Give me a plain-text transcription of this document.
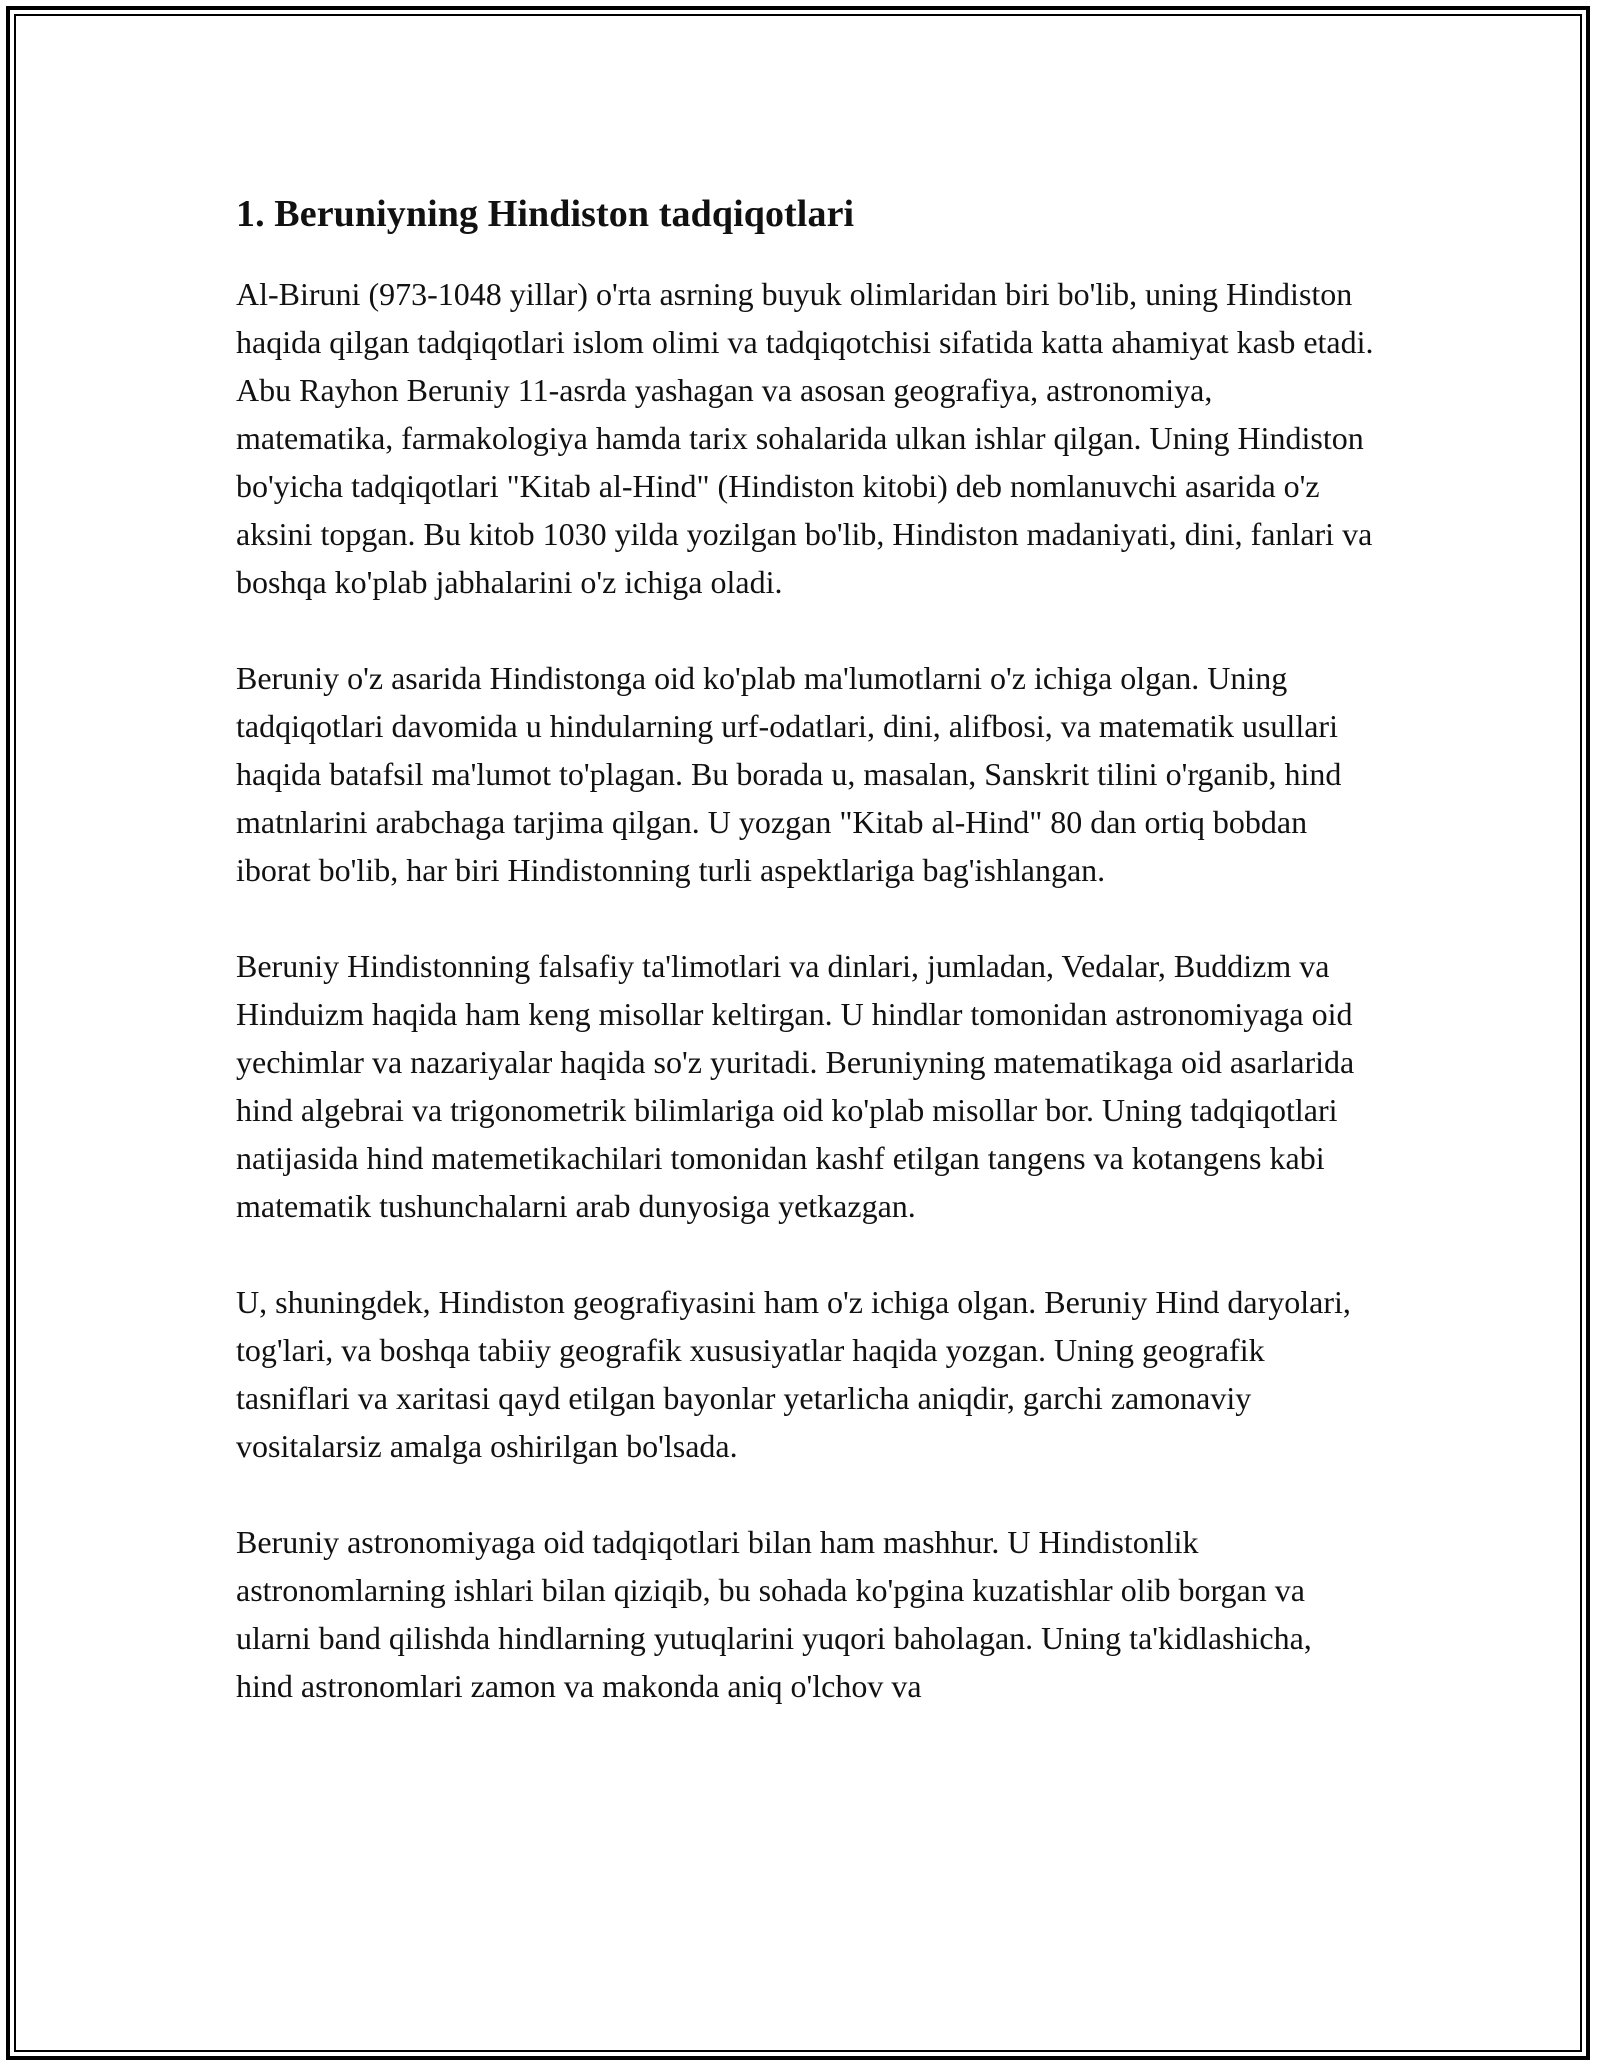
1. Beruniyning Hindiston tadqiqotlari

Al-Biruni (973-1048 yillar) o'rta asrning buyuk olimlaridan biri bo'lib, uning Hindiston haqida qilgan tadqiqotlari islom olimi va tadqiqotchisi sifatida katta ahamiyat kasb etadi. Abu Rayhon Beruniy 11-asrda yashagan va asosan geografiya, astronomiya, matematika, farmakologiya hamda tarix sohalarida ulkan ishlar qilgan. Uning Hindiston bo'yicha tadqiqotlari "Kitab al-Hind" (Hindiston kitobi) deb nomlanuvchi asarida o'z aksini topgan. Bu kitob 1030 yilda yozilgan bo'lib, Hindiston madaniyati, dini, fanlari va boshqa ko'plab jabhalarini o'z ichiga oladi.

Beruniy o'z asarida Hindistonga oid ko'plab ma'lumotlarni o'z ichiga olgan. Uning tadqiqotlari davomida u hindularning urf-odatlari, dini, alifbosi, va matematik usullari haqida batafsil ma'lumot to'plagan. Bu borada u, masalan, Sanskrit tilini o'rganib, hind matnlarini arabchaga tarjima qilgan. U yozgan "Kitab al-Hind" 80 dan ortiq bobdan iborat bo'lib, har biri Hindistonning turli aspektlariga bag'ishlangan.

Beruniy Hindistonning falsafiy ta'limotlari va dinlari, jumladan, Vedalar, Buddizm va Hinduizm haqida ham keng misollar keltirgan. U hindlar tomonidan astronomiyaga oid yechimlar va nazariyalar haqida so'z yuritadi. Beruniyning matematikaga oid asarlarida hind algebrai va trigonometrik bilimlariga oid ko'plab misollar bor. Uning tadqiqotlari natijasida hind matemetikachilari tomonidan kashf etilgan tangens va kotangens kabi matematik tushunchalarni arab dunyosiga yetkazgan.

U, shuningdek, Hindiston geografiyasini ham o'z ichiga olgan. Beruniy Hind daryolari, tog'lari, va boshqa tabiiy geografik xususiyatlar haqida yozgan. Uning geografik tasniflari va xaritasi qayd etilgan bayonlar yetarlicha aniqdir, garchi zamonaviy vositalarsiz amalga oshirilgan bo'lsada.

Beruniy astronomiyaga oid tadqiqotlari bilan ham mashhur. U Hindistonlik astronomlarning ishlari bilan qiziqib, bu sohada ko'pgina kuzatishlar olib borgan va ularni band qilishda hindlarning yutuqlarini yuqori baholagan. Uning ta'kidlashicha, hind astronomlari zamon va makonda aniq o'lchov va
